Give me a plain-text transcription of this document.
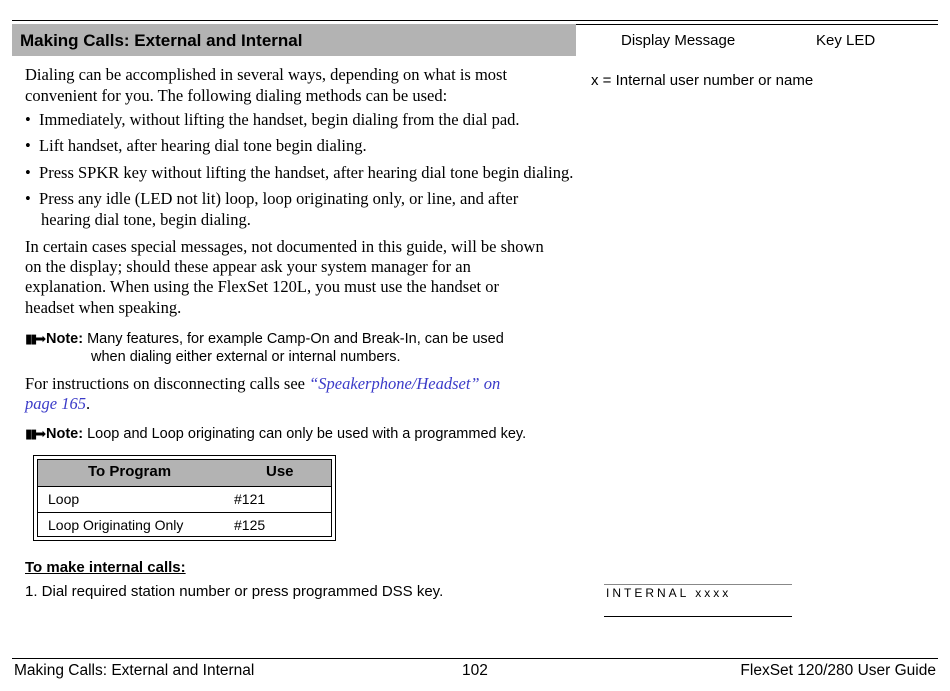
Making Calls: External and Internal	Display Message	Key LED
Dialing can be accomplished in several ways, depending on what is most
convenient for you. The following dialing methods can be used:
•  Immediately, without lifting the handset, begin dialing from the dial pad.
•  Lift handset, after hearing dial tone begin dialing.
•  Press SPKR key without lifting the handset, after hearing dial tone begin dialing.
•  Press any idle (LED not lit) loop, loop originating only, or line, and after
hearing dial tone, begin dialing.
In certain cases special messages, not documented in this guide, will be shown
on the display; should these appear ask your system manager for an
explanation. When using the FlexSet 120L, you must use the handset or
headset when speaking.
▮▮➡ Note: Many features, for example Camp-On and Break-In, can be used
when dialing either external or internal numbers.
For instructions on disconnecting calls see “Speakerphone/Headset” on
page 165.
▮▮➡ Note: Loop and Loop originating can only be used with a programmed key.
To Program	Use
Loop	#121
Loop Originating Only	#125
To make internal calls:
1. Dial required station number or press programmed DSS key.
x = Internal user number or name
INTERNAL xxxx
Making Calls: External and Internal	102	FlexSet 120/280 User Guide
